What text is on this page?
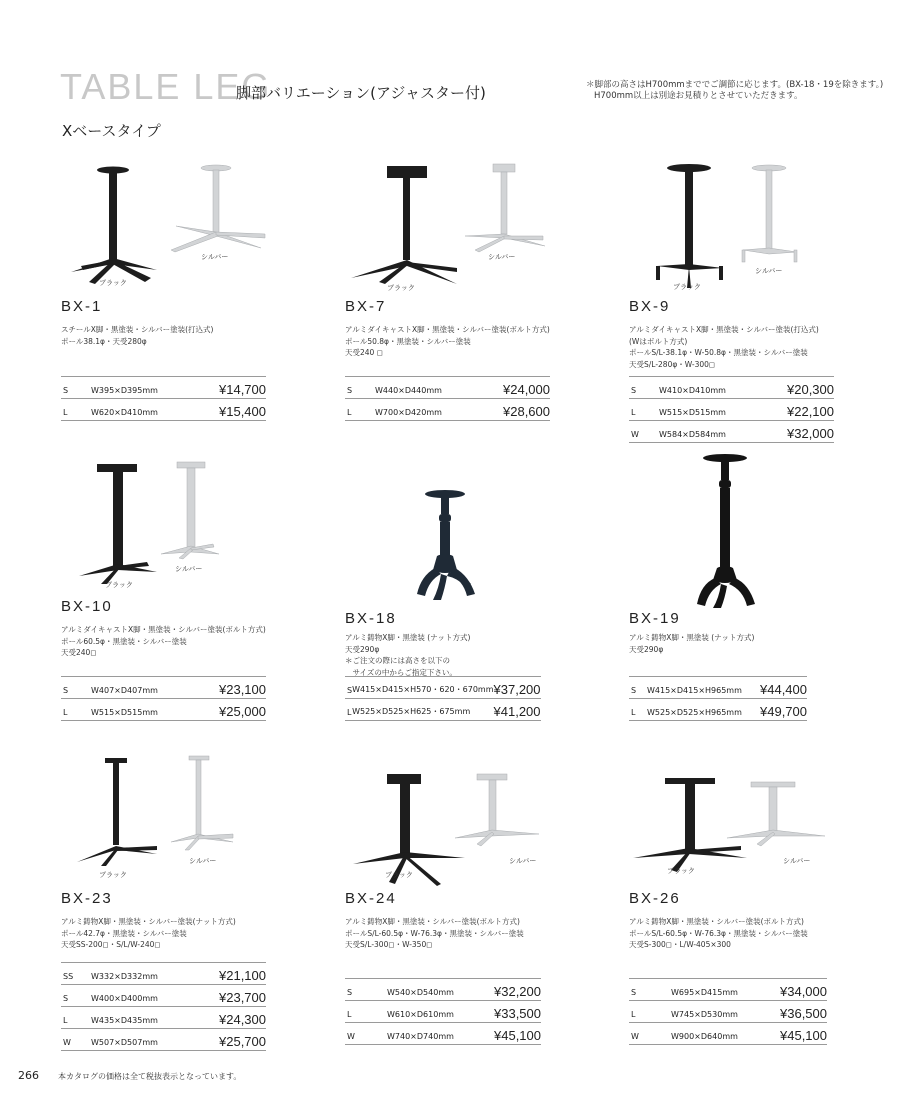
TABLE LEG
脚部バリエーション(アジャスター付)	＊脚部の高さはH700mmまででご調節に応じます。(BX-18・19を除きます。)
H700mm以上は別途お見積りとさせていただきます。
Xベースタイプ
シルバー
ブラック
BX-1
スチールX脚・黒塗装・シルバー塗装(打込式)
ポール38.1φ・天受280φ
S	W395×D395mm	¥14,700
L	W620×D410mm	¥15,400
シルバー
ブラック
BX-7
アルミダイキャストX脚・黒塗装・シルバー塗装(ボルト方式)
ポール50.8φ・黒塗装・シルバー塗装
天受240 ◻
S	W440×D440mm	¥24,000
L	W700×D420mm	¥28,600
シルバー
ブラック
BX-9
アルミダイキャストX脚・黒塗装・シルバー塗装(打込式)
(Wはボルト方式)
ポールS/L-38.1φ・W-50.8φ・黒塗装・シルバー塗装
天受S/L-280φ・W-300◻
S	W410×D410mm	¥20,300
L	W515×D515mm	¥22,100
W	W584×D584mm	¥32,000
シルバー
ブラック
BX-10
アルミダイキャストX脚・黒塗装・シルバー塗装(ボルト方式)
ポール60.5φ・黒塗装・シルバー塗装
天受240◻
S	W407×D407mm	¥23,100
L	W515×D515mm	¥25,000
BX-18
アルミ鋳物X脚・黒塗装 (ナット方式)
天受290φ
＊ご注文の際には高さを以下の
　サイズの中からご指定下さい。
S	W415×D415×H570・620・670mm	¥37,200
L	W525×D525×H625・675mm	¥41,200
BX-19
アルミ鋳物X脚・黒塗装 (ナット方式)
天受290φ
S	W415×D415×H965mm	¥44,400
L	W525×D525×H965mm	¥49,700
シルバー
ブラック
BX-23
アルミ鋳物X脚・黒塗装・シルバー塗装(ナット方式)
ポール42.7φ・黒塗装・シルバー塗装
天受SS-200◻・S/L/W-240◻
SS	W332×D332mm	¥21,100
S	W400×D400mm	¥23,700
L	W435×D435mm	¥24,300
W	W507×D507mm	¥25,700
シルバー
ブラック
BX-24
アルミ鋳物X脚・黒塗装・シルバー塗装(ボルト方式)
ポールS/L-60.5φ・W-76.3φ・黒塗装・シルバー塗装
天受S/L-300◻・W-350◻
S	W540×D540mm	¥32,200
L	W610×D610mm	¥33,500
W	W740×D740mm	¥45,100
シルバー
ブラック
BX-26
アルミ鋳物X脚・黒塗装・シルバー塗装(ボルト方式)
ポールS/L-60.5φ・W-76.3φ・黒塗装・シルバー塗装
天受S-300◻・L/W-405×300
S	W695×D415mm	¥34,000
L	W745×D530mm	¥36,500
W	W900×D640mm	¥45,100
266 本カタログの価格は全て税抜表示となっています。
